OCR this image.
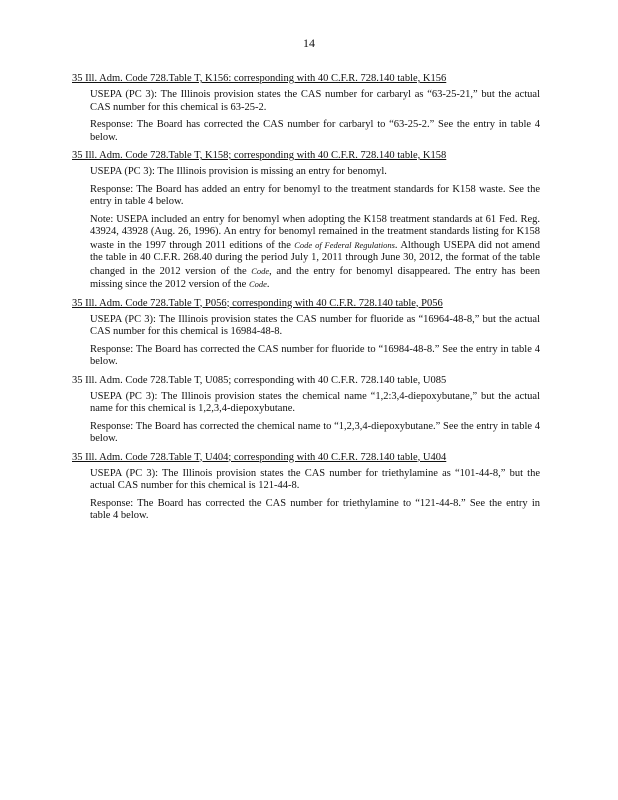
14
35 Ill. Adm. Code 728.Table T, K156: corresponding with 40 C.F.R. 728.140 table, K156

USEPA (PC 3): The Illinois provision states the CAS number for carbaryl as “63-25-21,” but the actual CAS number for this chemical is 63-25-2.

Response: The Board has corrected the CAS number for carbaryl to “63-25-2.” See the entry in table 4 below.

35 Ill. Adm. Code 728.Table T, K158; corresponding with 40 C.F.R. 728.140 table, K158

USEPA (PC 3): The Illinois provision is missing an entry for benomyl.

Response: The Board has added an entry for benomyl to the treatment standards for K158 waste. See the entry in table 4 below.

Note: USEPA included an entry for benomyl when adopting the K158 treatment standards at 61 Fed. Reg. 43924, 43928 (Aug. 26, 1996). An entry for benomyl remained in the treatment standards listing for K158 waste in the 1997 through 2011 editions of the Code of Federal Regulations. Although USEPA did not amend the table in 40 C.F.R. 268.40 during the period July 1, 2011 through June 30, 2012, the format of the table changed in the 2012 version of the Code, and the entry for benomyl disappeared. The entry has been missing since the 2012 version of the Code.

35 Ill. Adm. Code 728.Table T, P056; corresponding with 40 C.F.R. 728.140 table, P056

USEPA (PC 3): The Illinois provision states the CAS number for fluoride as “16964-48-8,” but the actual CAS number for this chemical is 16984-48-8.

Response: The Board has corrected the CAS number for fluoride to “16984-48-8.” See the entry in table 4 below.

35 Ill. Adm. Code 728.Table T, U085; corresponding with 40 C.F.R. 728.140 table, U085

USEPA (PC 3): The Illinois provision states the chemical name “1,2:3,4-diepoxybutane,” but the actual name for this chemical is 1,2,3,4-diepoxybutane.

Response: The Board has corrected the chemical name to “1,2,3,4-diepoxybutane.” See the entry in table 4 below.

35 Ill. Adm. Code 728.Table T, U404; corresponding with 40 C.F.R. 728.140 table, U404

USEPA (PC 3): The Illinois provision states the CAS number for triethylamine as “101-44-8,” but the actual CAS number for this chemical is 121-44-8.

Response: The Board has corrected the CAS number for triethylamine to “121-44-8.” See the entry in table 4 below.
